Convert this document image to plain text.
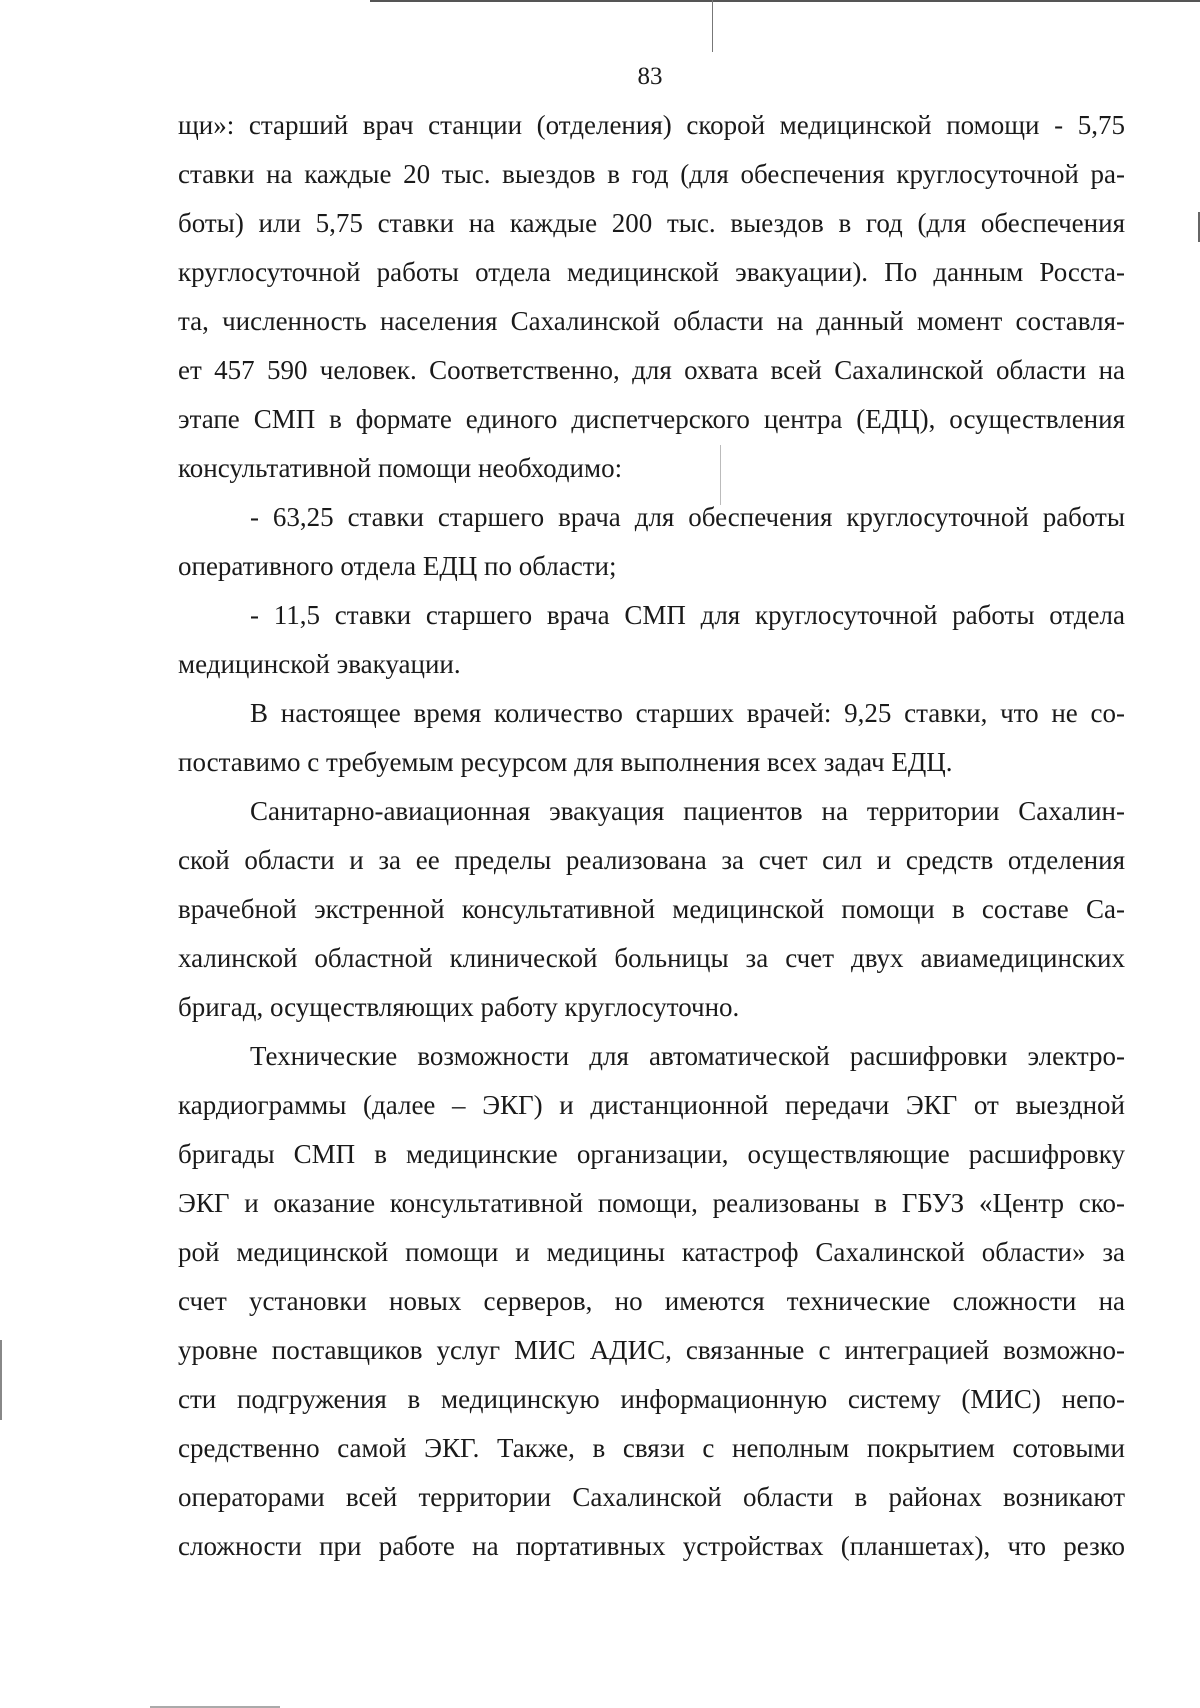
83
щи»: старший врач станции (отделения) скорой медицинской помощи - 5,75
ставки на каждые 20 тыс. выездов в год (для обеспечения круглосуточной ра-
боты) или 5,75 ставки на каждые 200 тыс. выездов в год (для обеспечения
круглосуточной работы отдела медицинской эвакуации). По данным Росста-
та, численность населения Сахалинской области на данный момент составля-
ет 457 590 человек. Соответственно, для охвата всей Сахалинской области на
этапе СМП в формате единого диспетчерского центра (ЕДЦ), осуществления
консультативной помощи необходимо:
- 63,25 ставки старшего врача для обеспечения круглосуточной работы
оперативного отдела ЕДЦ по области;
- 11,5 ставки старшего врача СМП для круглосуточной работы отдела
медицинской эвакуации.
В настоящее время количество старших врачей: 9,25 ставки, что не со-
поставимо с требуемым ресурсом для выполнения всех задач ЕДЦ.
Санитарно-авиационная эвакуация пациентов на территории Сахалин-
ской области и за ее пределы реализована за счет сил и средств отделения
врачебной экстренной консультативной медицинской помощи в составе Са-
халинской областной клинической больницы за счет двух авиамедицинских
бригад, осуществляющих работу круглосуточно.
Технические возможности для автоматической расшифровки электро-
кардиограммы (далее – ЭКГ) и дистанционной передачи ЭКГ от выездной
бригады СМП в медицинские организации, осуществляющие расшифровку
ЭКГ и оказание консультативной помощи, реализованы в ГБУЗ «Центр ско-
рой медицинской помощи и медицины катастроф Сахалинской области» за
счет установки новых серверов, но имеются технические сложности на
уровне поставщиков услуг МИС АДИС, связанные с интеграцией возможно-
сти подгружения в медицинскую информационную систему (МИС) непо-
средственно самой ЭКГ. Также, в связи с неполным покрытием сотовыми
операторами всей территории Сахалинской области в районах возникают
сложности при работе на портативных устройствах (планшетах), что резко
